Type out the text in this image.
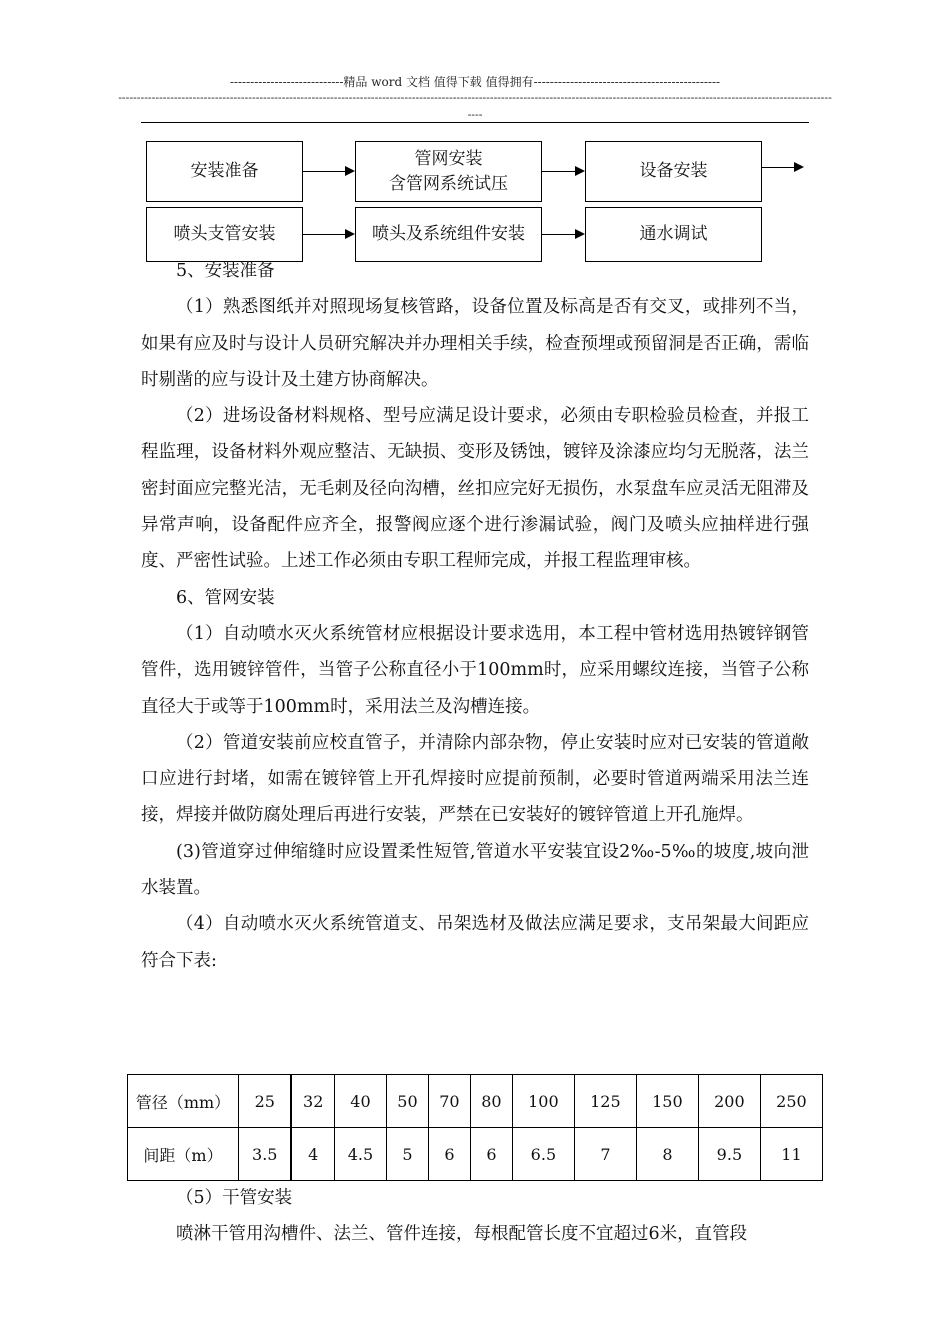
----------------------------精品 word 文档 值得下载 值得拥有----------------------------------------------
------------------------------------------------------------------------------------------------------------------------------------------------------------------------------------------------
----
安装准备
管网安装
含管网系统试压
设备安装
喷头支管安装	喷头及系统组件安装	通水调试

5、安装准备

（1）熟悉图纸并对照现场复核管路，设备位置及标高是否有交叉，或排列不当，如果有应及时与设计人员研究解决并办理相关手续，检查预埋或预留洞是否正确，需临时剔凿的应与设计及土建方协商解决。

（2）进场设备材料规格、型号应满足设计要求，必须由专职检验员检查，并报工程监理，设备材料外观应整洁、无缺损、变形及锈蚀，镀锌及涂漆应均匀无脱落，法兰密封面应完整光洁，无毛刺及径向沟槽，丝扣应完好无损伤，水泵盘车应灵活无阻滞及异常声响，设备配件应齐全，报警阀应逐个进行渗漏试验，阀门及喷头应抽样进行强度、严密性试验。上述工作必须由专职工程师完成，并报工程监理审核。

6、管网安装

（1）自动喷水灭火系统管材应根据设计要求选用，本工程中管材选用热镀锌钢管管件，选用镀锌管件，当管子公称直径小于100mm时，应采用螺纹连接，当管子公称直径大于或等于100mm时，采用法兰及沟槽连接。

（2）管道安装前应校直管子，并清除内部杂物，停止安装时应对已安装的管道敞口应进行封堵，如需在镀锌管上开孔焊接时应提前预制，必要时管道两端采用法兰连接，焊接并做防腐处理后再进行安装，严禁在已安装好的镀锌管道上开孔施焊。

(3)管道穿过伸缩缝时应设置柔性短管,管道水平安装宜设2‰-5‰的坡度,坡向泄水装置。

（4）自动喷水灭火系统管道支、吊架选材及做法应满足要求，支吊架最大间距应符合下表:

管径（mm）	25	32	40	50	70	80	100	125	150	200	250
间距（m）	3.5	4	4.5	5	6	6	6.5	7	8	9.5	11

（5）干管安装

喷淋干管用沟槽件、法兰、管件连接，每根配管长度不宜超过6米，直管段
